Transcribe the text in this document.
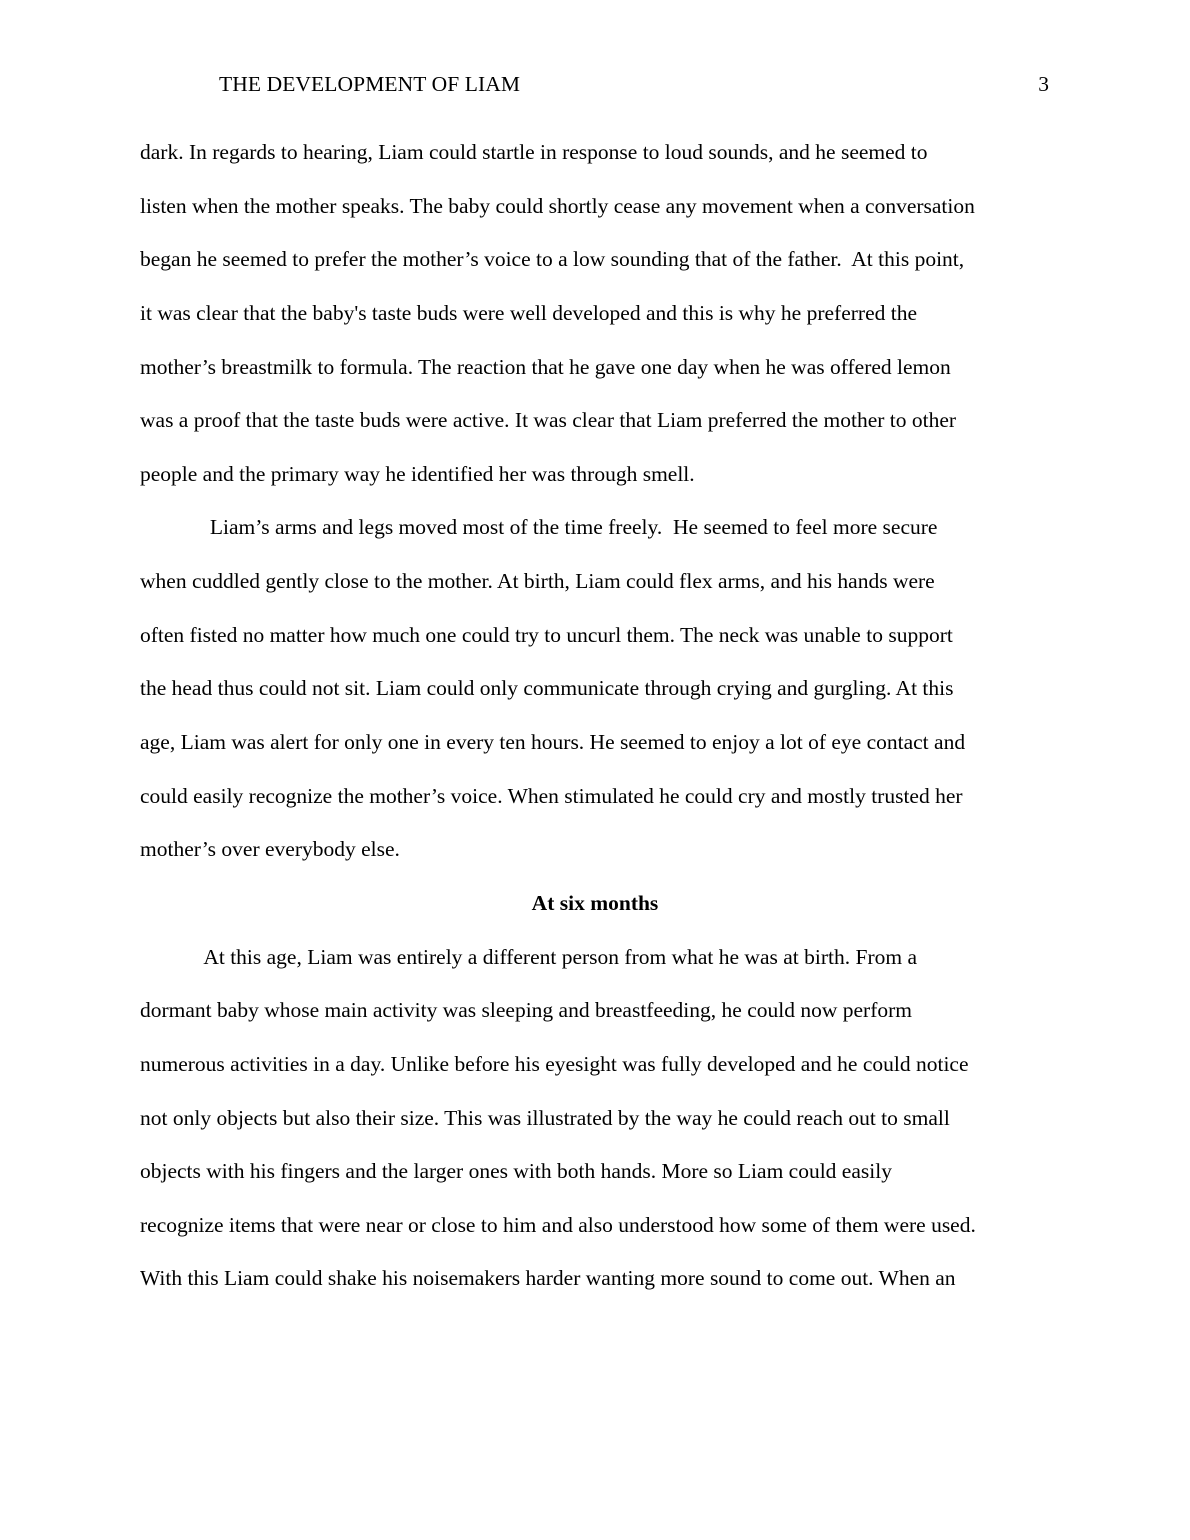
THE DEVELOPMENT OF LIAM	3
dark. In regards to hearing, Liam could startle in response to loud sounds, and he seemed to
listen when the mother speaks. The baby could shortly cease any movement when a conversation
began he seemed to prefer the mother’s voice to a low sounding that of the father.  At this point,
it was clear that the baby's taste buds were well developed and this is why he preferred the
mother’s breastmilk to formula. The reaction that he gave one day when he was offered lemon
was a proof that the taste buds were active. It was clear that Liam preferred the mother to other
people and the primary way he identified her was through smell.
Liam’s arms and legs moved most of the time freely.  He seemed to feel more secure
when cuddled gently close to the mother. At birth, Liam could flex arms, and his hands were
often fisted no matter how much one could try to uncurl them. The neck was unable to support
the head thus could not sit. Liam could only communicate through crying and gurgling. At this
age, Liam was alert for only one in every ten hours. He seemed to enjoy a lot of eye contact and
could easily recognize the mother’s voice. When stimulated he could cry and mostly trusted her
mother’s over everybody else.
At six months
At this age, Liam was entirely a different person from what he was at birth. From a
dormant baby whose main activity was sleeping and breastfeeding, he could now perform
numerous activities in a day. Unlike before his eyesight was fully developed and he could notice
not only objects but also their size. This was illustrated by the way he could reach out to small
objects with his fingers and the larger ones with both hands. More so Liam could easily
recognize items that were near or close to him and also understood how some of them were used.
With this Liam could shake his noisemakers harder wanting more sound to come out. When an
